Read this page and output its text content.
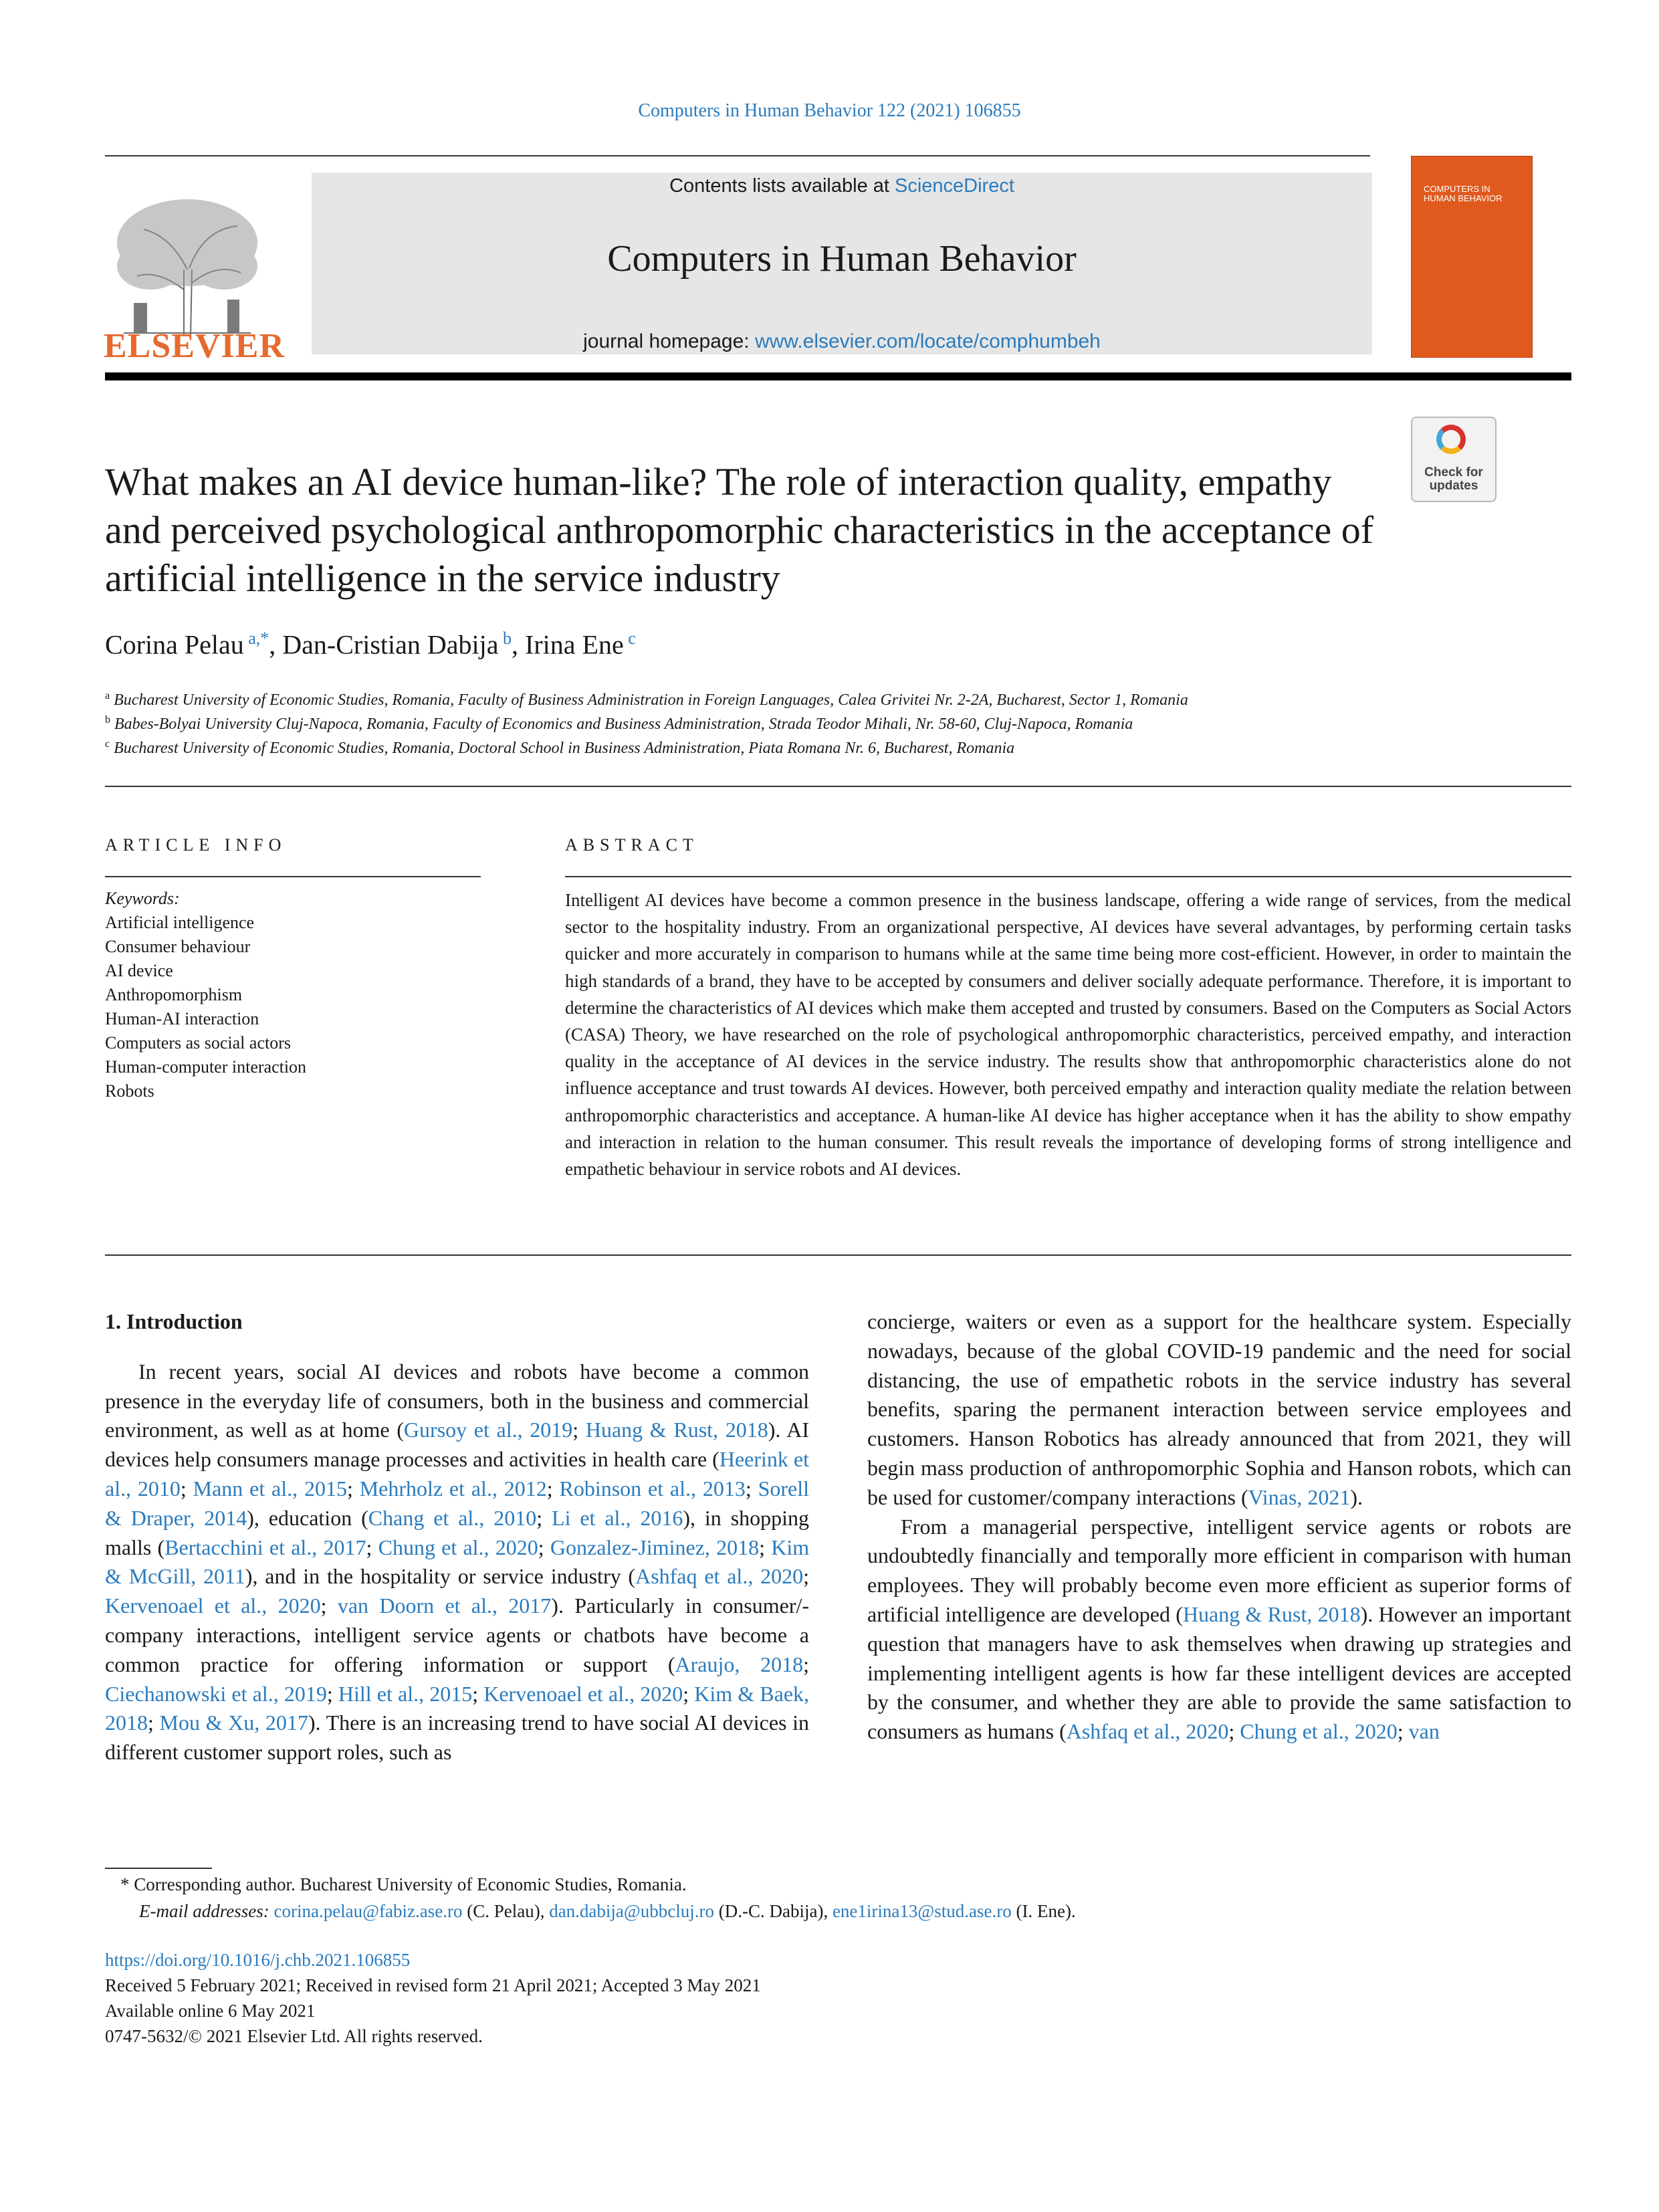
Computers in Human Behavior 122 (2021) 106855
ELSEVIER
Contents lists available at ScienceDirect
Computers in Human Behavior
journal homepage: www.elsevier.com/locate/comphumbeh
COMPUTERS IN HUMAN BEHAVIOR
Check for updates
What makes an AI device human-like? The role of interaction quality, empathy and perceived psychological anthropomorphic characteristics in the acceptance of artificial intelligence in the service industry
Corina Pelau $^{a,*}$, Dan-Cristian Dabija $^b$, Irina Ene $^c$
$^a$ Bucharest University of Economic Studies, Romania, Faculty of Business Administration in Foreign Languages, Calea Grivitei Nr. 2-2A, Bucharest, Sector 1, Romania
$^b$ Babes-Bolyai University Cluj-Napoca, Romania, Faculty of Economics and Business Administration, Strada Teodor Mihali, Nr. 58-60, Cluj-Napoca, Romania
$^c$ Bucharest University of Economic Studies, Romania, Doctoral School in Business Administration, Piata Romana Nr. 6, Bucharest, Romania
ARTICLE INFO	ABSTRACT
Keywords:
Artificial intelligence
Consumer behaviour
AI device
Anthropomorphism
Human-AI interaction
Computers as social actors
Human-computer interaction
Robots
Intelligent AI devices have become a common presence in the business landscape, offering a wide range of services, from the medical sector to the hospitality industry. From an organizational perspective, AI devices have several advantages, by performing certain tasks quicker and more accurately in comparison to humans while at the same time being more cost-efficient. However, in order to maintain the high standards of a brand, they have to be accepted by consumers and deliver socially adequate performance. Therefore, it is important to determine the characteristics of AI devices which make them accepted and trusted by consumers. Based on the Computers as Social Actors (CASA) Theory, we have researched on the role of psychological anthropomorphic characteristics, perceived empathy, and interaction quality in the acceptance of AI devices in the service industry. The results show that anthropomorphic characteristics alone do not influence acceptance and trust towards AI devices. However, both perceived empathy and interaction quality mediate the relation between anthropomorphic characteristics and acceptance. A human-like AI device has higher acceptance when it has the ability to show empathy and interaction in relation to the human consumer. This result reveals the importance of developing forms of strong intelligence and empathetic behaviour in service robots and AI devices.
1. Introduction

In recent years, social AI devices and robots have become a common presence in the everyday life of consumers, both in the business and commercial environment, as well as at home (Gursoy et al., 2019; Huang & Rust, 2018). AI devices help consumers manage processes and activities in health care (Heerink et al., 2010; Mann et al., 2015; Mehrholz et al., 2012; Robinson et al., 2013; Sorell & Draper, 2014), education (Chang et al., 2010; Li et al., 2016), in shopping malls (Bertacchini et al., 2017; Chung et al., 2020; Gonzalez-Jiminez, 2018; Kim & McGill, 2011), and in the hospitality or service industry (Ashfaq et al., 2020; Kervenoael et al., 2020; van Doorn et al., 2017). Particularly in consumer/-company interactions, intelligent service agents or chatbots have become a common practice for offering information or support (Araujo, 2018; Ciechanowski et al., 2019; Hill et al., 2015; Kervenoael et al., 2020; Kim & Baek, 2018; Mou & Xu, 2017). There is an increasing trend to have social AI devices in different customer support roles, such as

concierge, waiters or even as a support for the healthcare system. Especially nowadays, because of the global COVID-19 pandemic and the need for social distancing, the use of empathetic robots in the service industry has several benefits, sparing the permanent interaction between service employees and customers. Hanson Robotics has already announced that from 2021, they will begin mass production of anthropomorphic Sophia and Hanson robots, which can be used for customer/company interactions (Vinas, 2021).

From a managerial perspective, intelligent service agents or robots are undoubtedly financially and temporally more efficient in comparison with human employees. They will probably become even more efficient as superior forms of artificial intelligence are developed (Huang & Rust, 2018). However an important question that managers have to ask themselves when drawing up strategies and implementing intelligent agents is how far these intelligent devices are accepted by the consumer, and whether they are able to provide the same satisfaction to consumers as humans (Ashfaq et al., 2020; Chung et al., 2020; van

* Corresponding author. Bucharest University of Economic Studies, Romania.
E-mail addresses: corina.pelau@fabiz.ase.ro (C. Pelau), dan.dabija@ubbcluj.ro (D.-C. Dabija), ene1irina13@stud.ase.ro (I. Ene).
https://doi.org/10.1016/j.chb.2021.106855
Received 5 February 2021; Received in revised form 21 April 2021; Accepted 3 May 2021
Available online 6 May 2021
0747-5632/© 2021 Elsevier Ltd. All rights reserved.
